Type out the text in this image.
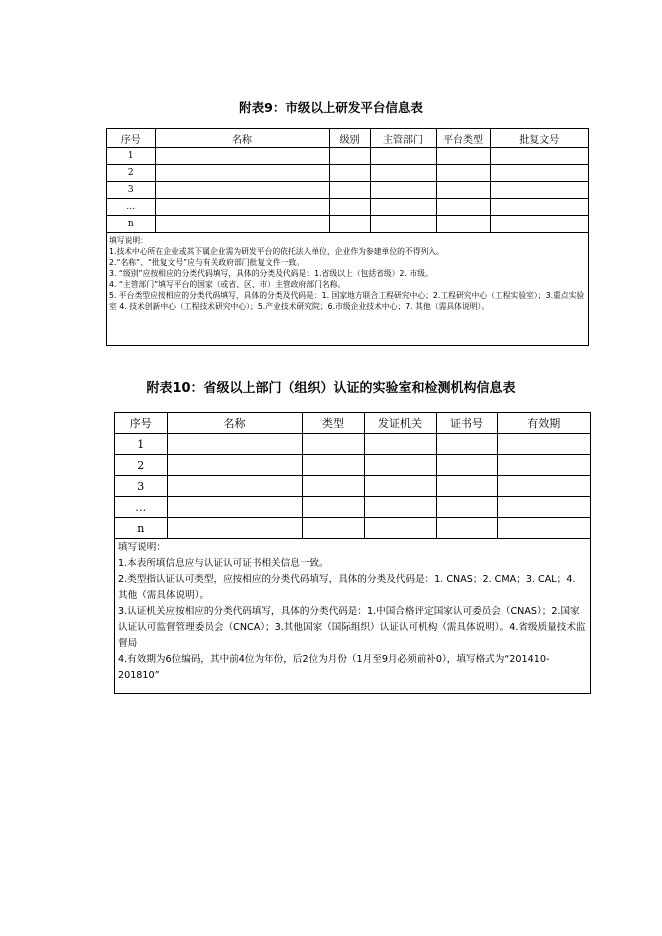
附表9：市级以上研发平台信息表
序号	名称	级别	主管部门	平台类型	批复文号
1					
2					
3					
…					
n					
填写说明：
1.技术中心所在企业或其下属企业需为研发平台的依托法人单位，企业作为参建单位的不得列入。
2.“名称”、“批复文号”应与有关政府部门批复文件一致。
3. “级别”应按相应的分类代码填写，具体的分类及代码是：1.省级以上（包括省级）2. 市级。
4. “主管部门”填写平台的国家（或省、区、市）主管政府部门名称。
5. 平台类型应按相应的分类代码填写，具体的分类及代码是：1. 国家地方联合工程研究中心；2.工程研究中心（工程实验室）；3.重点实验室 4. 技术创新中心（工程技术研究中心）；5.产业技术研究院；6.市级企业技术中心；7. 其他（需具体说明）。
附表10：省级以上部门（组织）认证的实验室和检测机构信息表
序号	名称	类型	发证机关	证书号	有效期
1					
2					
3					
…					
n					
填写说明：
1.本表所填信息应与认证认可证书相关信息一致。
2.类型指认证认可类型，应按相应的分类代码填写，具体的分类及代码是：1. CNAS；2. CMA；3. CAL；4. 其他（需具体说明）。
3.认证机关应按相应的分类代码填写，具体的分类代码是：1.中国合格评定国家认可委员会（CNAS）；2.国家认证认可监督管理委员会（CNCA）；3.其他国家（国际组织）认证认可机构（需具体说明）。4.省级质量技术监督局
4.有效期为6位编码，其中前4位为年份，后2位为月份（1月至9月必须前补0），填写格式为“201410-201810”
